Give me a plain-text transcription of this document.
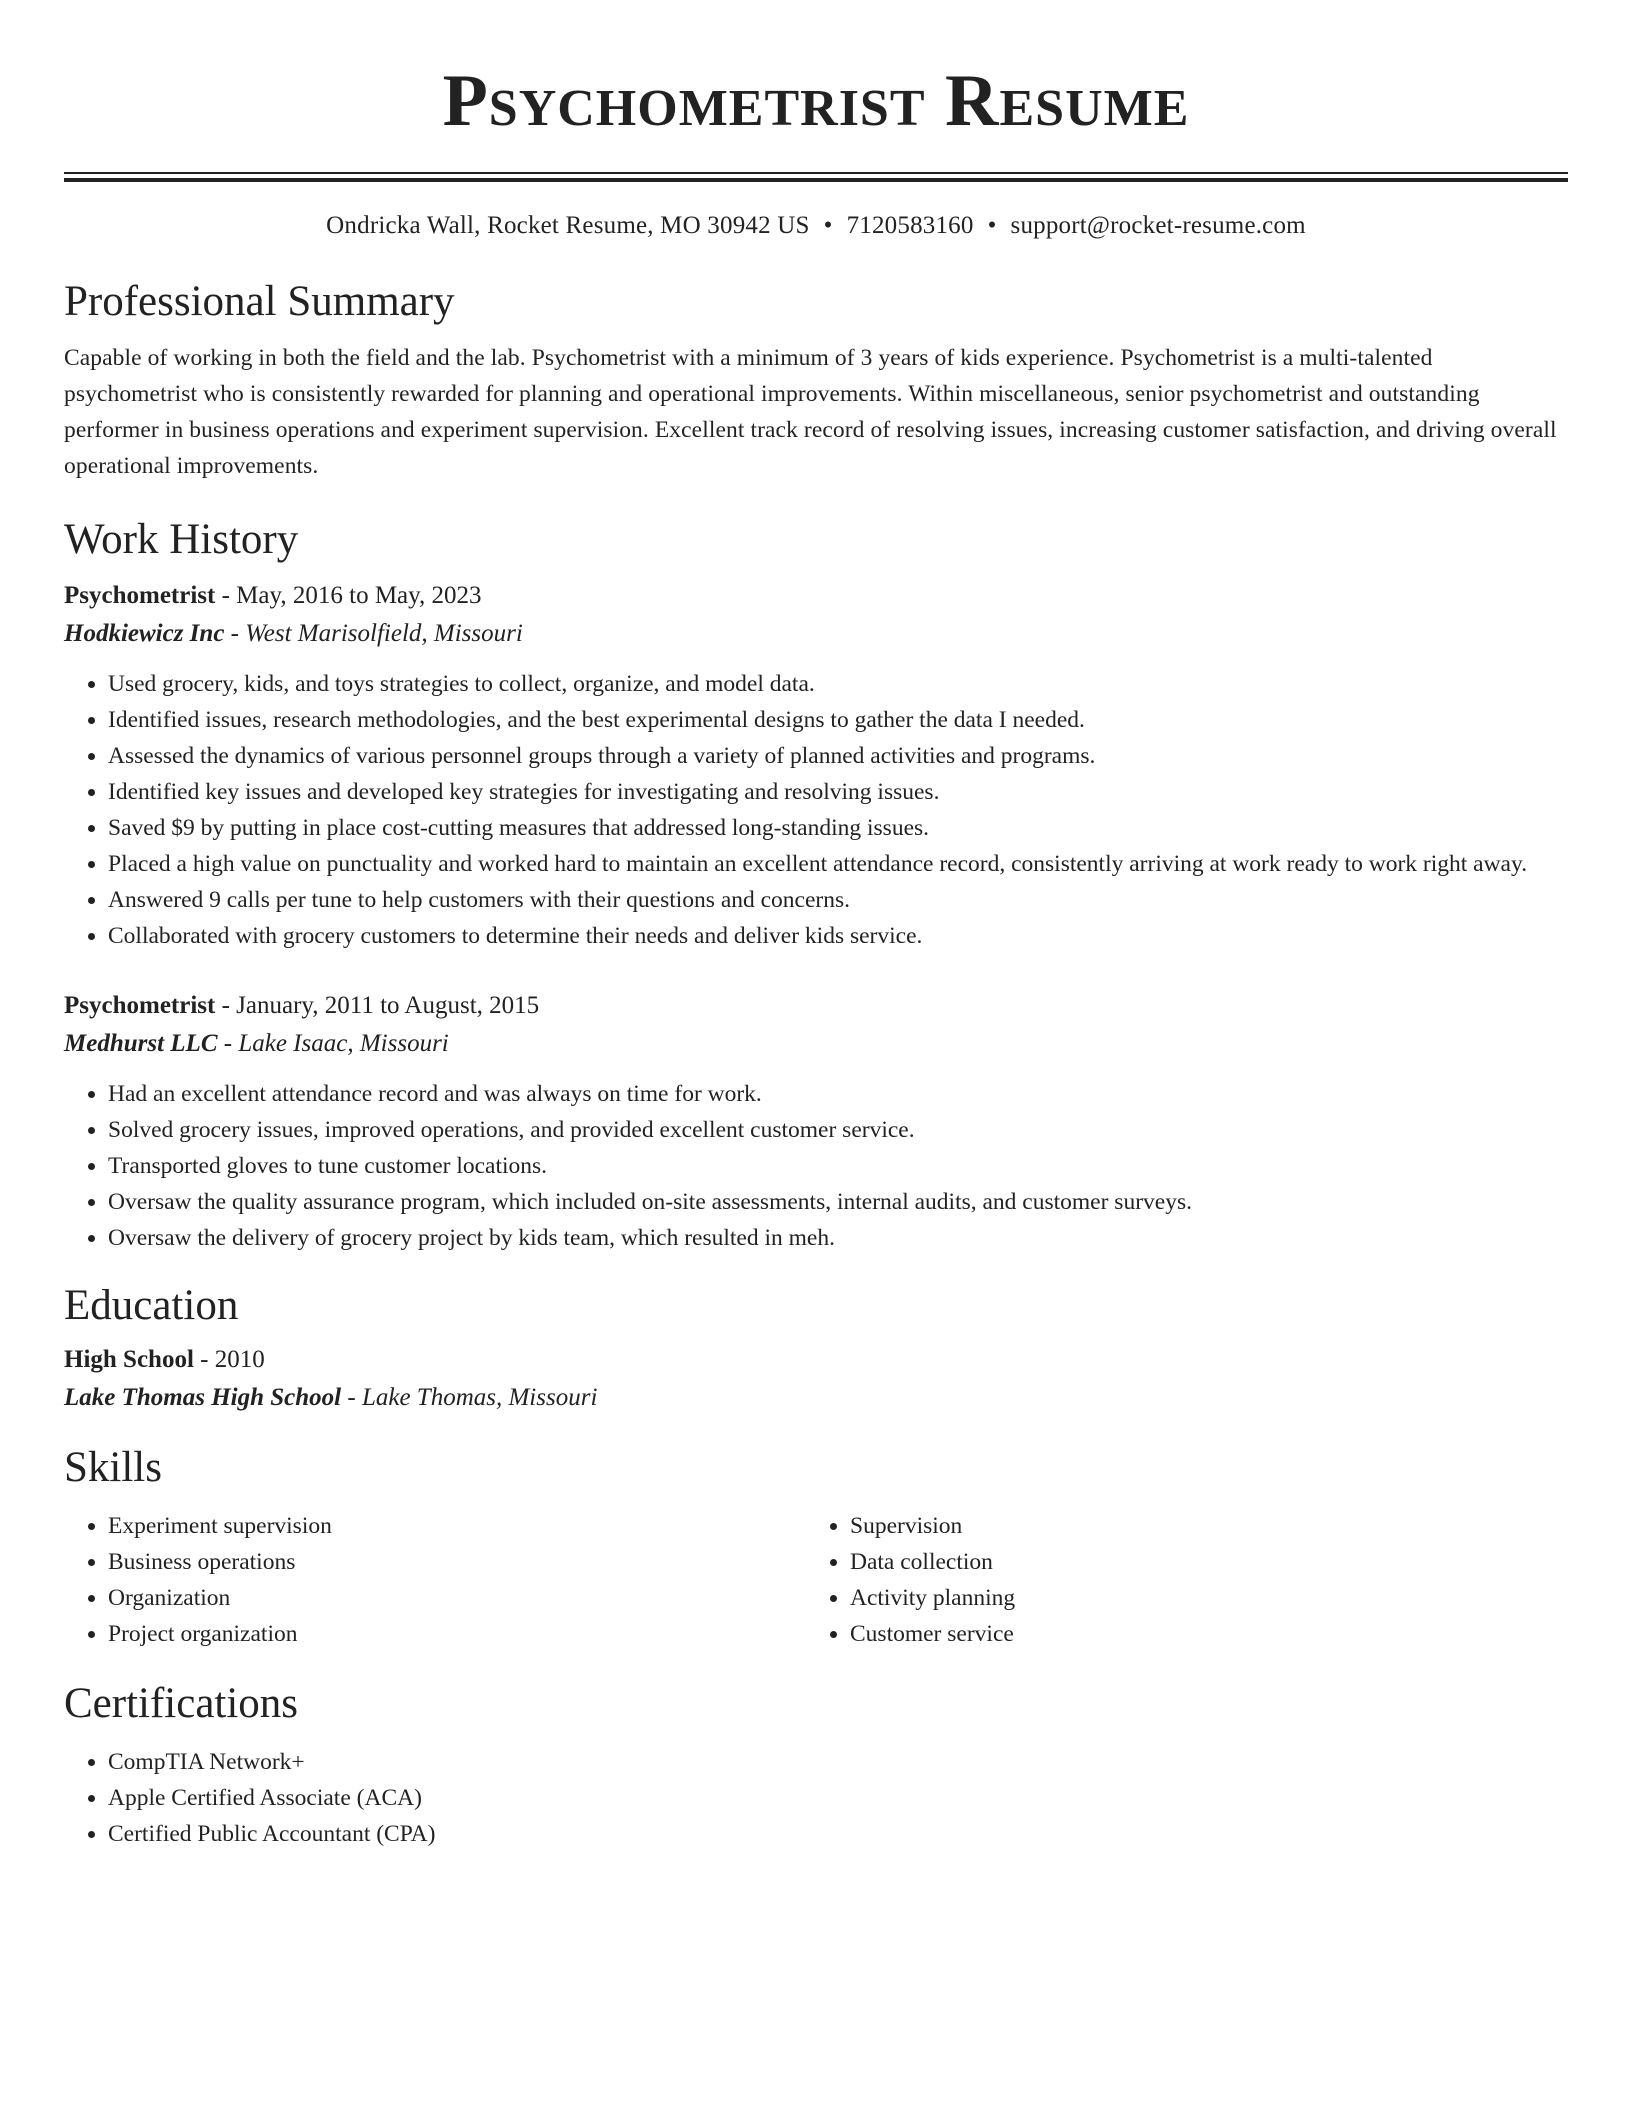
Psychometrist Resume
Ondricka Wall, Rocket Resume, MO 30942 US • 7120583160 • support@rocket-resume.com
Professional Summary

Capable of working in both the field and the lab. Psychometrist with a minimum of 3 years of kids experience. Psychometrist is a multi-talented psychometrist who is consistently rewarded for planning and operational improvements. Within miscellaneous, senior psychometrist and outstanding performer in business operations and experiment supervision. Excellent track record of resolving issues, increasing customer satisfaction, and driving overall operational improvements.

Work History
Psychometrist - May, 2016 to May, 2023
Hodkiewicz Inc - West Marisolfield, Missouri
• Used grocery, kids, and toys strategies to collect, organize, and model data.
• Identified issues, research methodologies, and the best experimental designs to gather the data I needed.
• Assessed the dynamics of various personnel groups through a variety of planned activities and programs.
• Identified key issues and developed key strategies for investigating and resolving issues.
• Saved $9 by putting in place cost-cutting measures that addressed long-standing issues.
• Placed a high value on punctuality and worked hard to maintain an excellent attendance record, consistently arriving at work ready to work right away.
• Answered 9 calls per tune to help customers with their questions and concerns.
• Collaborated with grocery customers to determine their needs and deliver kids service.
Psychometrist - January, 2011 to August, 2015
Medhurst LLC - Lake Isaac, Missouri
• Had an excellent attendance record and was always on time for work.
• Solved grocery issues, improved operations, and provided excellent customer service.
• Transported gloves to tune customer locations.
• Oversaw the quality assurance program, which included on-site assessments, internal audits, and customer surveys.
• Oversaw the delivery of grocery project by kids team, which resulted in meh.
Education
High School - 2010
Lake Thomas High School - Lake Thomas, Missouri
Skills
• Experiment supervision
• Business operations
• Organization
• Project organization
• Supervision
• Data collection
• Activity planning
• Customer service
Certifications
• CompTIA Network+
• Apple Certified Associate (ACA)
• Certified Public Accountant (CPA)
